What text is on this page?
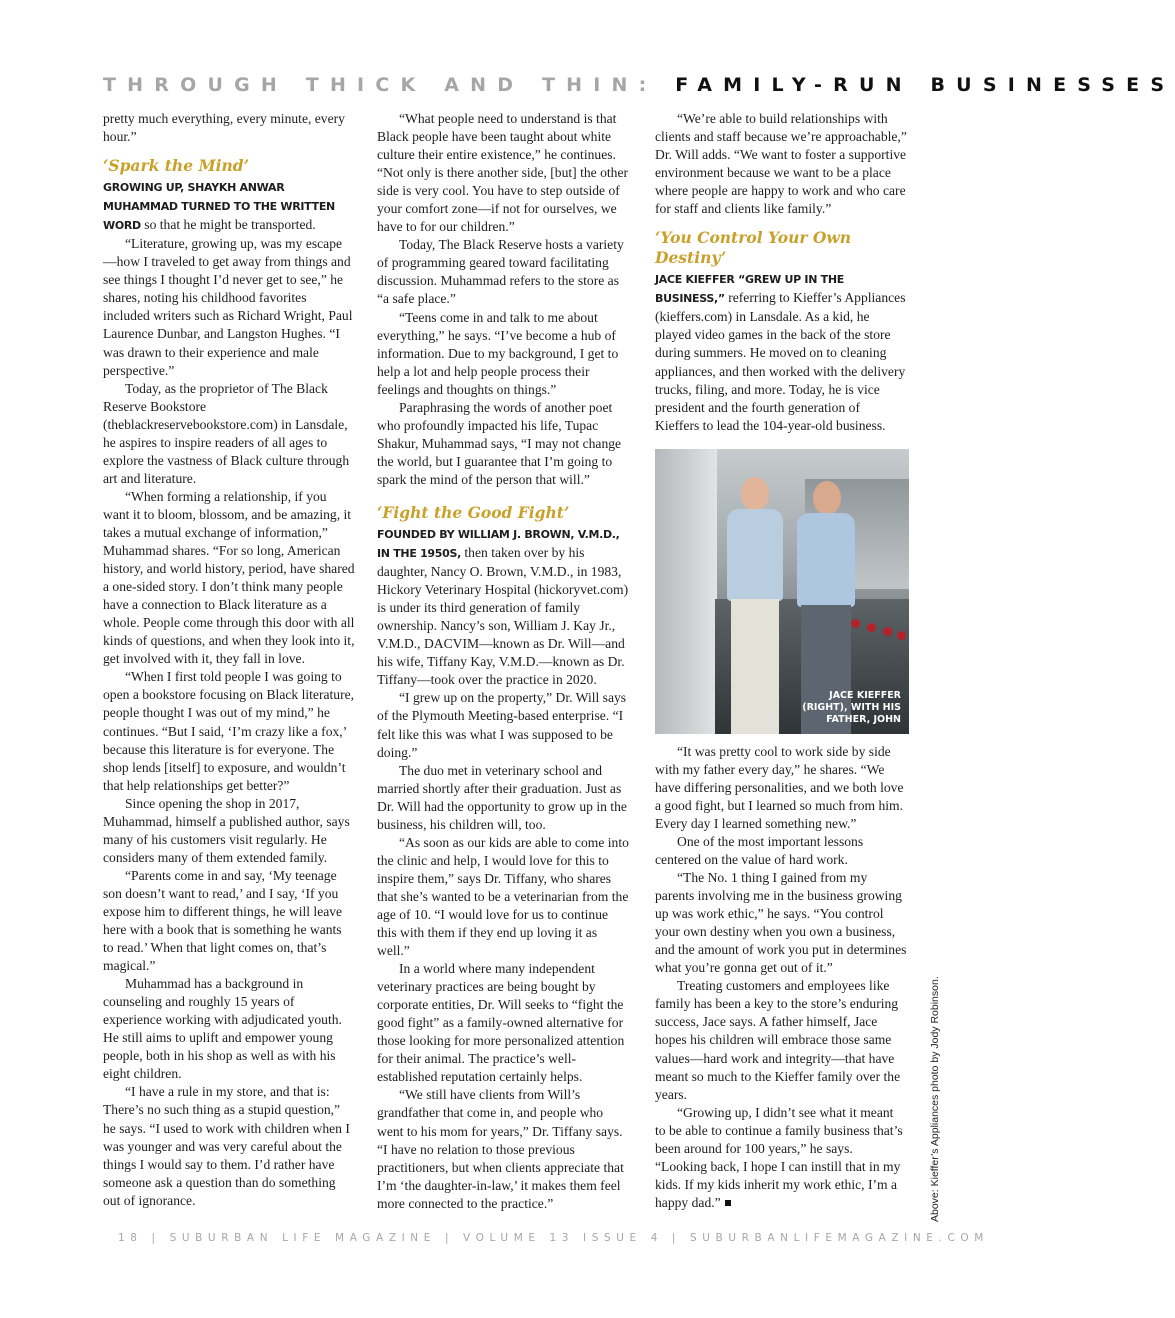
THROUGH THICK AND THIN: FAMILY-RUN BUSINESSES

pretty much everything, every minute, every hour.”

‘Spark the Mind’

GROWING UP, SHAYKH ANWAR MUHAMMAD TURNED TO THE WRITTEN WORD so that he might be transported.

“Literature, growing up, was my escape—how I traveled to get away from things and see things I thought I’d never get to see,” he shares, noting his childhood favorites included writers such as Richard Wright, Paul Laurence Dunbar, and Langston Hughes. “I was drawn to their experience and male perspective.”

Today, as the proprietor of The Black Reserve Bookstore (theblackreservebookstore.com) in Lansdale, he aspires to inspire readers of all ages to explore the vastness of Black culture through art and literature.

“When forming a relationship, if you want it to bloom, blossom, and be amazing, it takes a mutual exchange of information,” Muhammad shares. “For so long, American history, and world history, period, have shared a one-sided story. I don’t think many people have a connection to Black literature as a whole. People come through this door with all kinds of questions, and when they look into it, get involved with it, they fall in love.

“When I first told people I was going to open a bookstore focusing on Black literature, people thought I was out of my mind,” he continues. “But I said, ‘I’m crazy like a fox,’ because this literature is for everyone. The shop lends [itself] to exposure, and wouldn’t that help relationships get better?”

Since opening the shop in 2017, Muhammad, himself a published author, says many of his customers visit regularly. He considers many of them extended family.

“Parents come in and say, ‘My teenage son doesn’t want to read,’ and I say, ‘If you expose him to different things, he will leave here with a book that is something he wants to read.’ When that light comes on, that’s magical.”

Muhammad has a background in counseling and roughly 15 years of experience working with adjudicated youth. He still aims to uplift and empower young people, both in his shop as well as with his eight children.

“I have a rule in my store, and that is: There’s no such thing as a stupid question,” he says. “I used to work with children when I was younger and was very careful about the things I would say to them. I’d rather have someone ask a question than do something out of ignorance.

“What people need to understand is that Black people have been taught about white culture their entire existence,” he continues. “Not only is there another side, [but] the other side is very cool. You have to step outside of your comfort zone—if not for ourselves, we have to for our children.”

Today, The Black Reserve hosts a variety of programming geared toward facilitating discussion. Muhammad refers to the store as “a safe place.”

“Teens come in and talk to me about everything,” he says. “I’ve become a hub of information. Due to my background, I get to help a lot and help people process their feelings and thoughts on things.”

Paraphrasing the words of another poet who profoundly impacted his life, Tupac Shakur, Muhammad says, “I may not change the world, but I guarantee that I’m going to spark the mind of the person that will.”

‘Fight the Good Fight’

FOUNDED BY WILLIAM J. BROWN, V.M.D., IN THE 1950S, then taken over by his daughter, Nancy O. Brown, V.M.D., in 1983, Hickory Veterinary Hospital (hickoryvet.com) is under its third generation of family ownership. Nancy’s son, William J. Kay Jr., V.M.D., DACVIM—known as Dr. Will—and his wife, Tiffany Kay, V.M.D.—known as Dr. Tiffany—took over the practice in 2020.

“I grew up on the property,” Dr. Will says of the Plymouth Meeting-based enterprise. “I felt like this was what I was supposed to be doing.”

The duo met in veterinary school and married shortly after their graduation. Just as Dr. Will had the opportunity to grow up in the business, his children will, too.

“As soon as our kids are able to come into the clinic and help, I would love for this to inspire them,” says Dr. Tiffany, who shares that she’s wanted to be a veterinarian from the age of 10. “I would love for us to continue this with them if they end up loving it as well.”

In a world where many independent veterinary practices are being bought by corporate entities, Dr. Will seeks to “fight the good fight” as a family-owned alternative for those looking for more personalized attention for their animal. The practice’s well-established reputation certainly helps.

“We still have clients from Will’s grandfather that come in, and people who went to his mom for years,” Dr. Tiffany says. “I have no relation to those previous practitioners, but when clients appreciate that I’m ‘the daughter-in-law,’ it makes them feel more connected to the practice.”

“We’re able to build relationships with clients and staff because we’re approachable,” Dr. Will adds. “We want to foster a supportive environment because we want to be a place where people are happy to work and who care for staff and clients like family.”

‘You Control Your Own Destiny’

JACE KIEFFER “GREW UP IN THE BUSINESS,” referring to Kieffer’s Appliances (kieffers.com) in Lansdale. As a kid, he played video games in the back of the store during summers. He moved on to cleaning appliances, and then worked with the delivery trucks, filing, and more. Today, he is vice president and the fourth generation of Kieffers to lead the 104-year-old business.

JACE KIEFFER (RIGHT), WITH HIS FATHER, JOHN

“It was pretty cool to work side by side with my father every day,” he shares. “We have differing personalities, and we both love a good fight, but I learned so much from him. Every day I learned something new.”

One of the most important lessons centered on the value of hard work.

“The No. 1 thing I gained from my parents involving me in the business growing up was work ethic,” he says. “You control your own destiny when you own a business, and the amount of work you put in determines what you’re gonna get out of it.”

Treating customers and employees like family has been a key to the store’s enduring success, Jace says. A father himself, Jace hopes his children will embrace those same values—hard work and integrity—that have meant so much to the Kieffer family over the years.

“Growing up, I didn’t see what it meant to be able to continue a family business that’s been around for 100 years,” he says. “Looking back, I hope I can instill that in my kids. If my kids inherit my work ethic, I’m a happy dad.”	Above: Kieffer’s Appliances photo by Jody Robinson.
18 | SUBURBAN LIFE MAGAZINE | VOLUME 13 ISSUE 4 | SUBURBANLIFEMAGAZINE.COM
